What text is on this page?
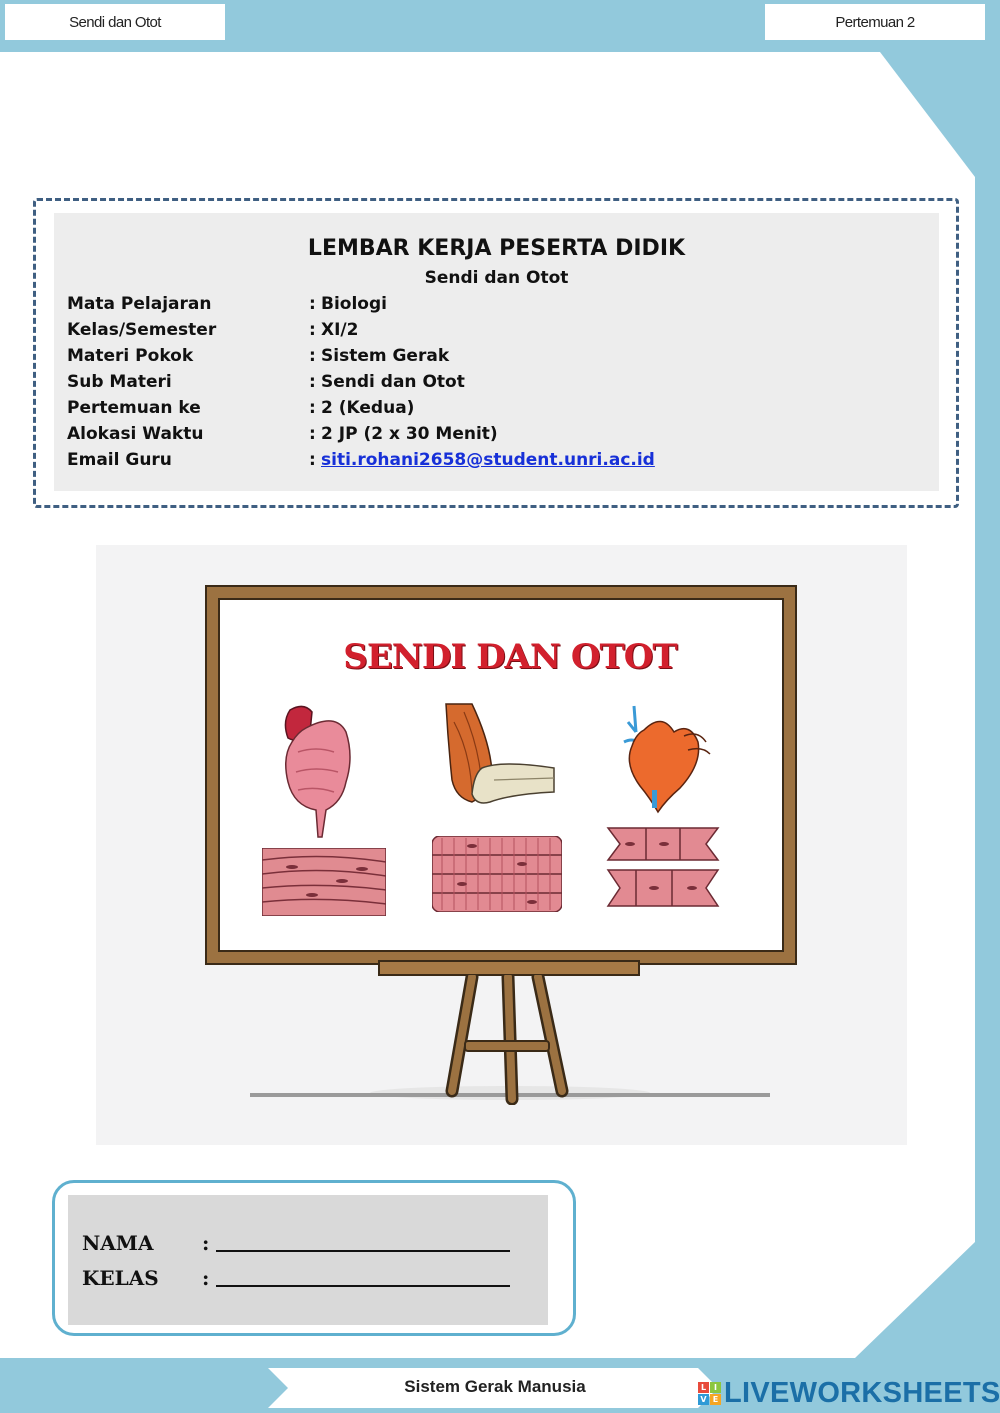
Sendi dan Otot	Pertemuan 2
LEMBAR KERJA PESERTA DIDIK
Sendi dan Otot
Mata Pelajaran	: Biologi
Kelas/Semester	: XI/2
Materi Pokok	: Sistem Gerak
Sub Materi	: Sendi dan Otot
Pertemuan ke	: 2 (Kedua)
Alokasi Waktu	: 2 JP (2 x 30 Menit)
Email Guru	: siti.rohani2658@student.unri.ac.id
SENDI DAN OTOT
NAMA :
KELAS :

Sistem Gerak Manusia	L I
V E LIVEWORKSHEETS
